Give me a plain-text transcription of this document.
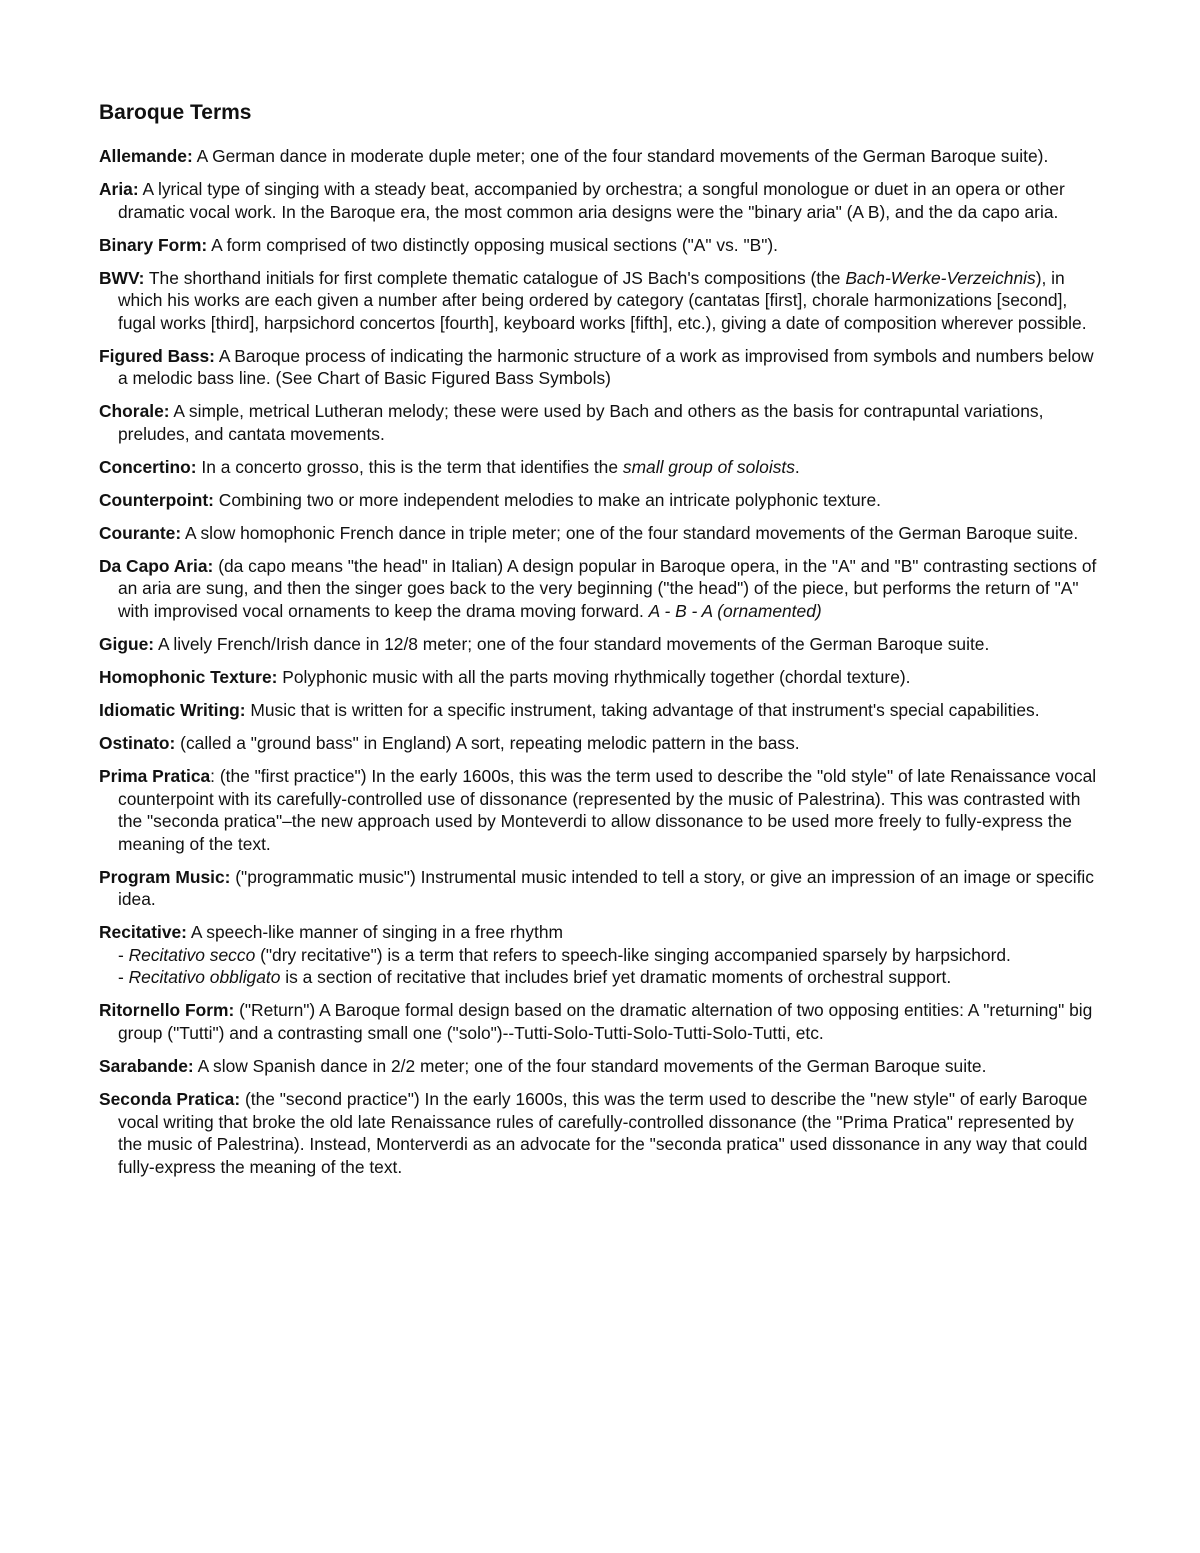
Baroque Terms
Allemande: A German dance in moderate duple meter; one of the four standard movements of the German Baroque suite).
Aria: A lyrical type of singing with a steady beat, accompanied by orchestra; a songful monologue or duet in an opera or other dramatic vocal work. In the Baroque era, the most common aria designs were the "binary aria" (A B), and the da capo aria.
Binary Form: A form comprised of two distinctly opposing musical sections ("A" vs. "B").
BWV: The shorthand initials for first complete thematic catalogue of JS Bach's compositions (the Bach-Werke-Verzeichnis), in which his works are each given a number after being ordered by category (cantatas [first], chorale harmonizations [second], fugal works [third], harpsichord concertos [fourth], keyboard works [fifth], etc.), giving a date of composition wherever possible.
Figured Bass: A Baroque process of indicating the harmonic structure of a work as improvised from symbols and numbers below a melodic bass line. (See Chart of Basic Figured Bass Symbols)
Chorale: A simple, metrical Lutheran melody; these were used by Bach and others as the basis for contrapuntal variations, preludes, and cantata movements.
Concertino: In a concerto grosso, this is the term that identifies the small group of soloists.
Counterpoint: Combining two or more independent melodies to make an intricate polyphonic texture.
Courante: A slow homophonic French dance in triple meter; one of the four standard movements of the German Baroque suite.
Da Capo Aria: (da capo means "the head" in Italian) A design popular in Baroque opera, in the "A" and "B" contrasting sections of an aria are sung, and then the singer goes back to the very beginning ("the head") of the piece, but performs the return of "A" with improvised vocal ornaments to keep the drama moving forward. A - B - A (ornamented)
Gigue: A lively French/Irish dance in 12/8 meter; one of the four standard movements of the German Baroque suite.
Homophonic Texture: Polyphonic music with all the parts moving rhythmically together (chordal texture).
Idiomatic Writing: Music that is written for a specific instrument, taking advantage of that instrument's special capabilities.
Ostinato: (called a "ground bass" in England) A sort, repeating melodic pattern in the bass.
Prima Pratica: (the "first practice") In the early 1600s, this was the term used to describe the "old style" of late Renaissance vocal counterpoint with its carefully-controlled use of dissonance (represented by the music of Palestrina). This was contrasted with the "seconda pratica"–the new approach used by Monteverdi to allow dissonance to be used more freely to fully-express the meaning of the text.
Program Music: ("programmatic music") Instrumental music intended to tell a story, or give an impression of an image or specific idea.
Recitative: A speech-like manner of singing in a free rhythm
- Recitativo secco ("dry recitative") is a term that refers to speech-like singing accompanied sparsely by harpsichord.
- Recitativo obbligato is a section of recitative that includes brief yet dramatic moments of orchestral support.
Ritornello Form: ("Return") A Baroque formal design based on the dramatic alternation of two opposing entities: A "returning" big group ("Tutti") and a contrasting small one ("solo")--Tutti-Solo-Tutti-Solo-Tutti-Solo-Tutti, etc.
Sarabande: A slow Spanish dance in 2/2 meter; one of the four standard movements of the German Baroque suite.
Seconda Pratica: (the "second practice") In the early 1600s, this was the term used to describe the "new style" of early Baroque vocal writing that broke the old late Renaissance rules of carefully-controlled dissonance (the "Prima Pratica" represented by the music of Palestrina). Instead, Monterverdi as an advocate for the "seconda pratica" used dissonance in any way that could fully-express the meaning of the text.
